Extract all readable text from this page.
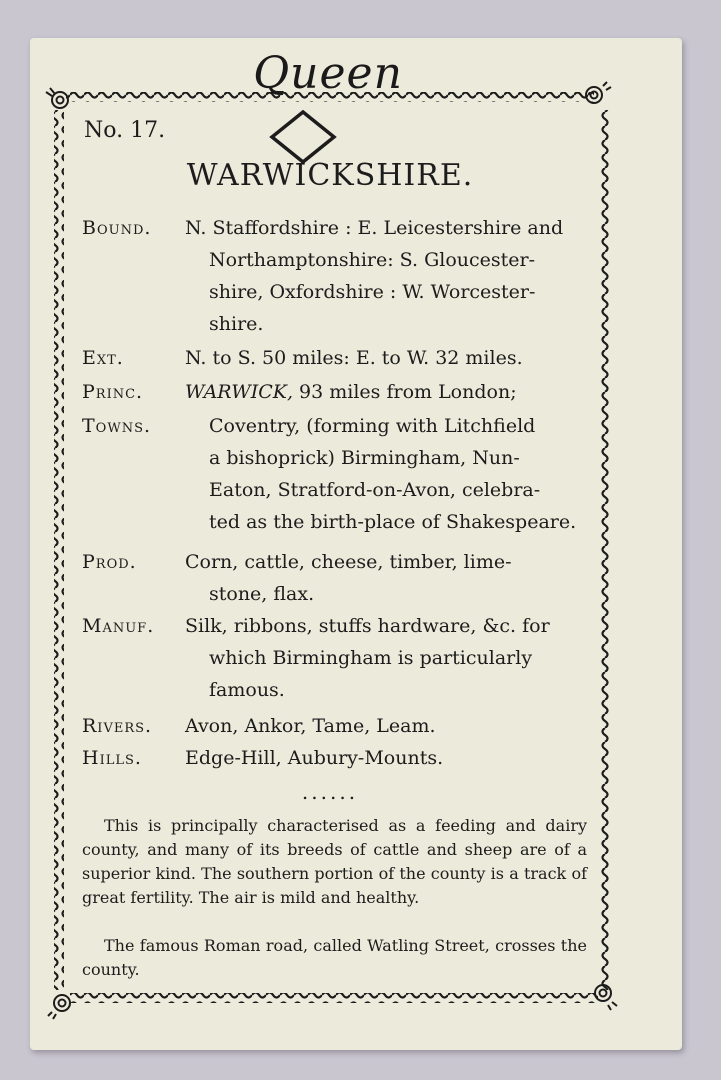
Queen
No. 17.
WARWICKSHIRE.
Bound.	N. Staffordshire : E. Leicestershire and
Northamptonshire: S. Gloucester-
shire, Oxfordshire : W. Worcester-
shire.
Ext.	N. to S. 50 miles: E. to W. 32 miles.
Princ.	WARWICK, 93 miles from London;
Towns.	Coventry, (forming with Litchfield
a bishoprick) Birmingham, Nun-
Eaton, Stratford-on-Avon, celebra-
ted as the birth-place of Shakespeare.
Prod.	Corn, cattle, cheese, timber, lime-
stone, flax.
Manuf.	Silk, ribbons, stuffs hardware, &c. for
which Birmingham is particularly
famous.
Rivers.	Avon, Ankor, Tame, Leam.
Hills.	Edge-Hill, Aubury-Mounts.
......
This is principally characterised as a feeding and dairy county, and many of its breeds of cattle and sheep are of a superior kind. The southern portion of the county is a track of great fertility. The air is mild and healthy.
The famous Roman road, called Watling Street, crosses the county.
